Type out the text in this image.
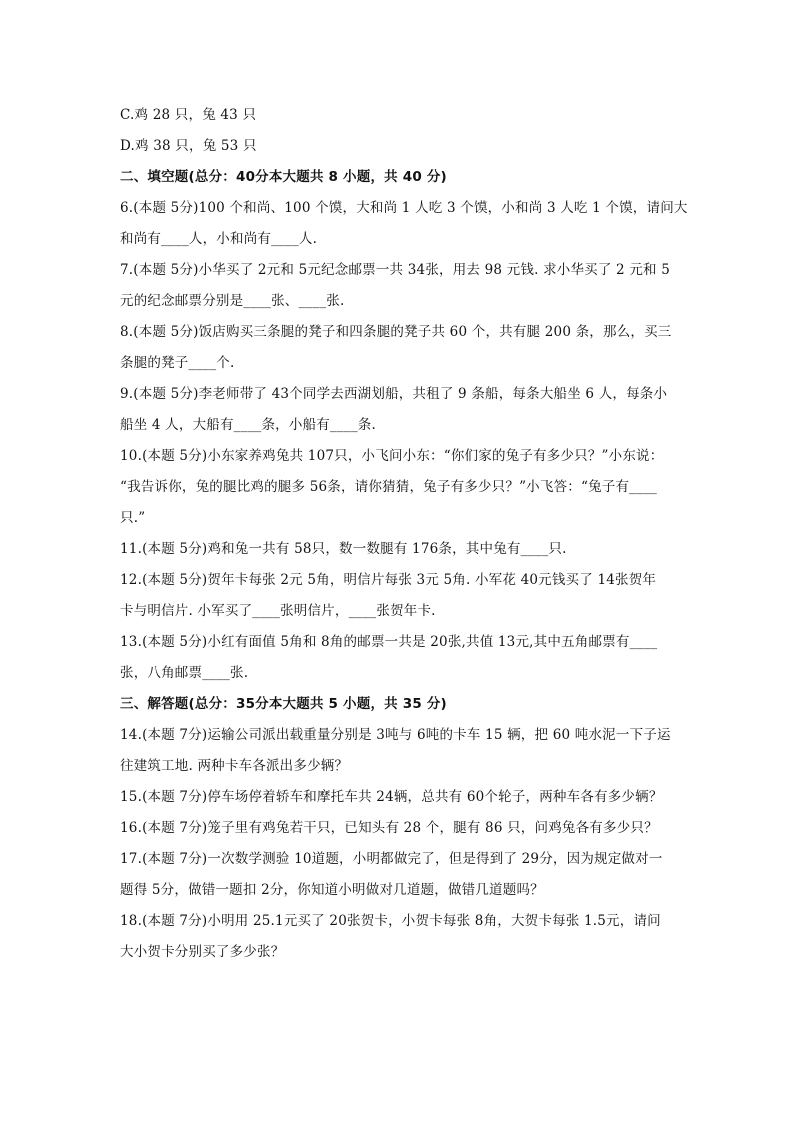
C.鸡 28 只，兔 43 只
D.鸡 38 只，兔 53 只
二、填空题(总分：40分本大题共 8 小题，共 40 分)
6.(本题 5分)100 个和尚、100 个馍，大和尚 1 人吃 3 个馍，小和尚 3 人吃 1 个馍，请问大
和尚有____人，小和尚有____人.
7.(本题 5分)小华买了 2元和 5元纪念邮票一共 34张，用去 98 元钱. 求小华买了 2 元和 5
元的纪念邮票分别是____张、____张.
8.(本题 5分)饭店购买三条腿的凳子和四条腿的凳子共 60 个，共有腿 200 条，那么，买三
条腿的凳子____个.
9.(本题 5分)李老师带了 43个同学去西湖划船，共租了 9 条船，每条大船坐 6 人，每条小
船坐 4 人，大船有____条，小船有____条.
10.(本题 5分)小东家养鸡兔共 107只，小飞问小东：“你们家的兔子有多少只？”小东说：
“我告诉你，兔的腿比鸡的腿多 56条，请你猜猜，兔子有多少只？”小飞答：“兔子有____
只.”
11.(本题 5分)鸡和兔一共有 58只，数一数腿有 176条，其中兔有____只.
12.(本题 5分)贺年卡每张 2元 5角，明信片每张 3元 5角. 小军花 40元钱买了 14张贺年
卡与明信片. 小军买了____张明信片，____张贺年卡.
13.(本题 5分)小红有面值 5角和 8角的邮票一共是 20张,共值 13元,其中五角邮票有____
张，八角邮票____张.
三、解答题(总分：35分本大题共 5 小题，共 35 分)
14.(本题 7分)运输公司派出载重量分别是 3吨与 6吨的卡车 15 辆，把 60 吨水泥一下子运
往建筑工地. 两种卡车各派出多少辆？
15.(本题 7分)停车场停着轿车和摩托车共 24辆，总共有 60个轮子，两种车各有多少辆？
16.(本题 7分)笼子里有鸡兔若干只，已知头有 28 个，腿有 86 只，问鸡兔各有多少只？
17.(本题 7分)一次数学测验 10道题，小明都做完了，但是得到了 29分，因为规定做对一
题得 5分，做错一题扣 2分，你知道小明做对几道题，做错几道题吗？
18.(本题 7分)小明用 25.1元买了 20张贺卡，小贺卡每张 8角，大贺卡每张 1.5元，请问
大小贺卡分别买了多少张？
